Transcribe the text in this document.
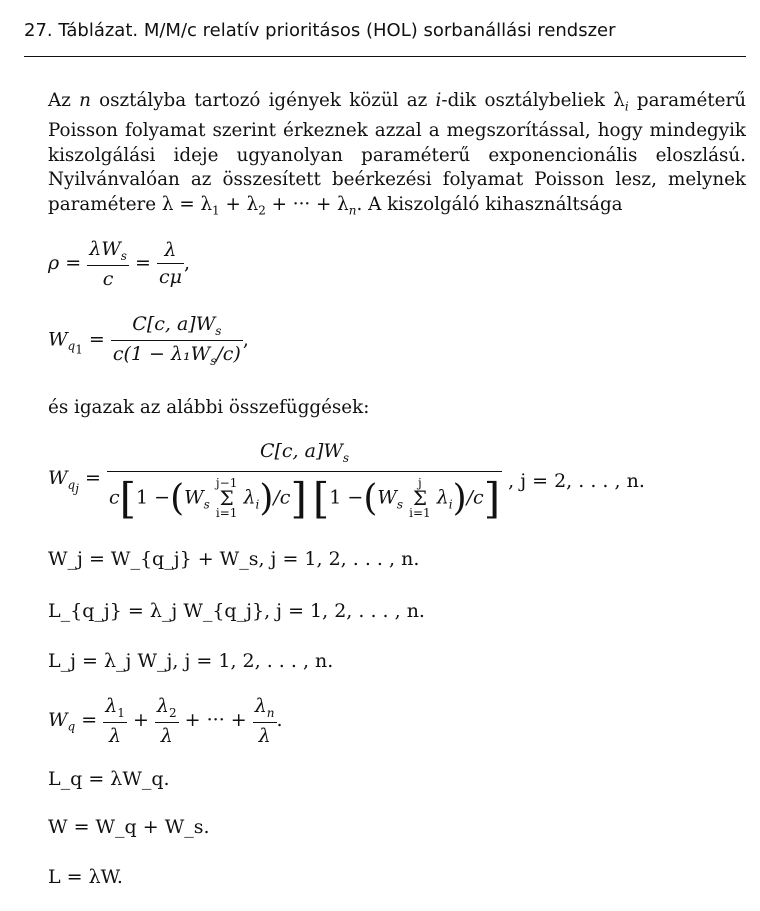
27. Táblázat. M/M/c relatív prioritásos (HOL) sorbanállási rendszer
Az n osztályba tartozó igények közül az i-dik osztálybeliek $\lambda_i$ paraméterű Poisson folyamat szerint érkeznek azzal a megszorítással, hogy mindegyik kiszolgálási ideje ugyanolyan paraméterű exponencionális eloszlású. Nyilvánvalóan az összesített beérkezési folyamat Poisson lesz, melynek paramétere $\lambda = \lambda_1 + \lambda_2$ + ··· + $\lambda_n$. A kiszolgáló kihasználtsága
$\rho = \frac{\lambda W_s}{c} = \frac{\lambda}{c\mu}$ ,
$W_{q_1} = \frac{C[c, a]W_s}{c(1 - \lambda_1W_s/c)}$ ,
és igazak az alábbi összefüggések:
$W_{q_j}$ =
C[c, $a]W_s$
$c[1 -(W_s$ j−1
Σ
i=1 $\lambda_i)/c$] [$1 -(W_s$ j
Σ
i=1 $\lambda_i)/c$] , j = 2, . . . , n.
W_j = W_{q_j} + W_s, j = 1, 2, . . . , n.
L_{q_j} = λ_j W_{q_j}, j = 1, 2, . . . , n.
L_j = λ_j W_j, j = 1, 2, . . . , n.
$W_q = \frac{\lambda_1}{\lambda} + \frac{\lambda_2}{\lambda}$ + ··· + $\frac{\lambda_n}{\lambda}$ .
L_q = λW_q.
W = W_q + W_s.
L = λW.
